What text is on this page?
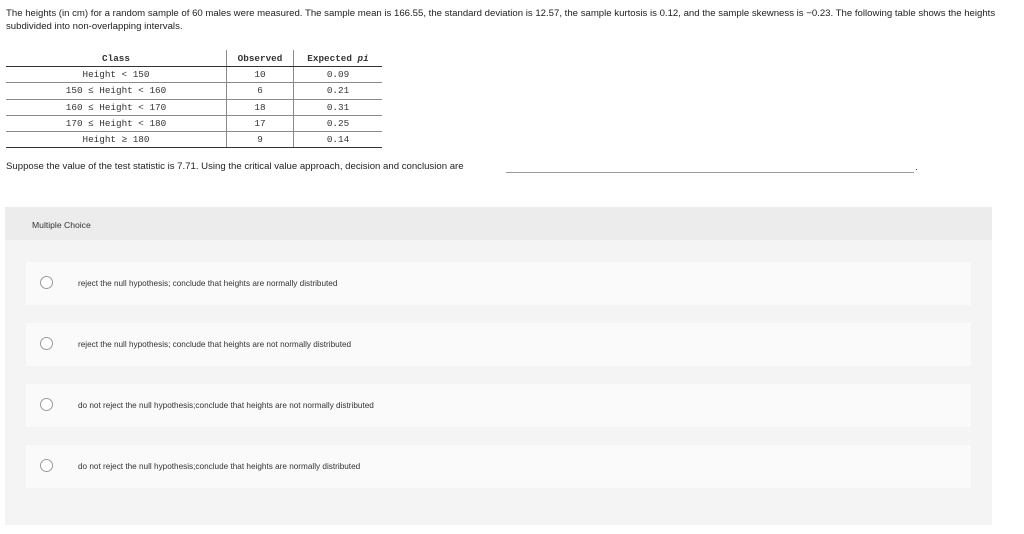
The heights (in cm) for a random sample of 60 males were measured. The sample mean is 166.55, the standard deviation is 12.57, the sample kurtosis is 0.12, and the sample skewness is −0.23. The following table shows the heights subdivided into non-overlapping intervals.
Class	Observed	Expected pi
Height < 150	10	0.09
150 ≤ Height < 160	6	0.21
160 ≤ Height < 170	18	0.31
170 ≤ Height < 180	17	0.25
Height ≥ 180	9	0.14
Suppose the value of the test statistic is 7.71. Using the critical value approach, decision and conclusion are	.
Multiple Choice
reject the null hypothesis; conclude that heights are normally distributed
reject the null hypothesis; conclude that heights are not normally distributed
do not reject the null hypothesis;conclude that heights are not normally distributed
do not reject the null hypothesis;conclude that heights are normally distributed
